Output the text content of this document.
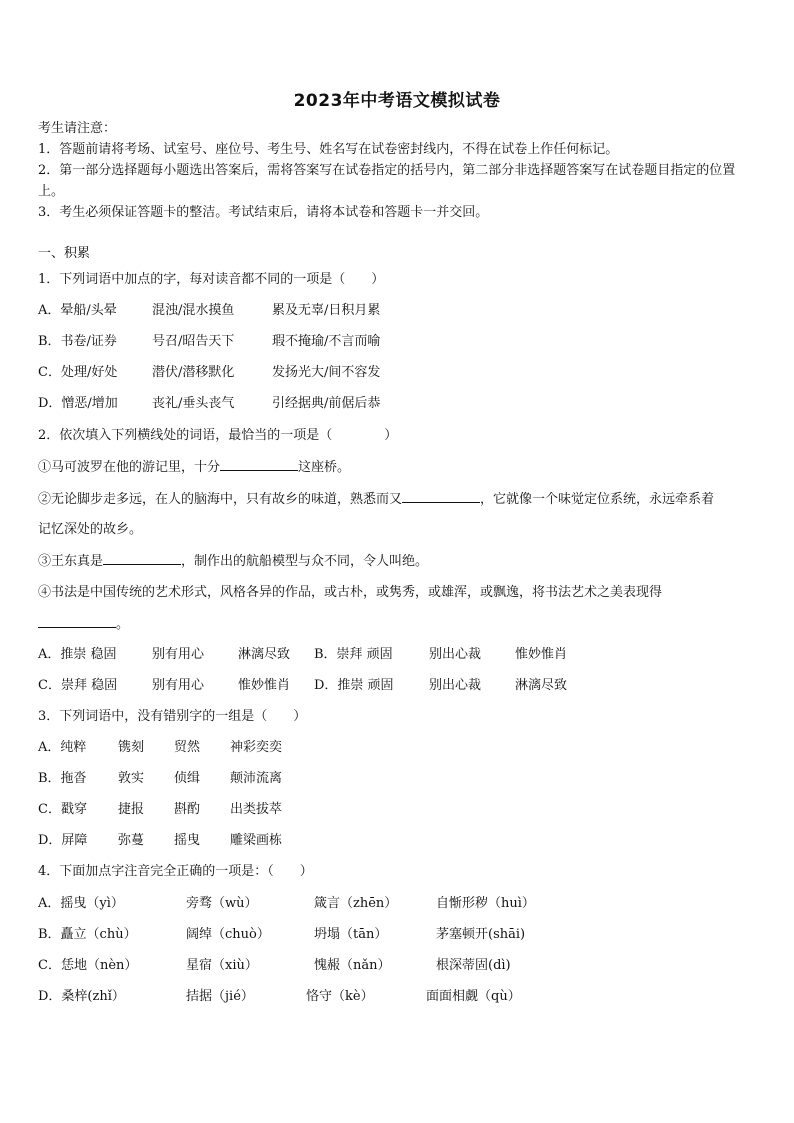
2023年中考语文模拟试卷
考生请注意：
1．答题前请将考场、试室号、座位号、考生号、姓名写在试卷密封线内，不得在试卷上作任何标记。
2．第一部分选择题每小题选出答案后，需将答案写在试卷指定的括号内，第二部分非选择题答案写在试卷题目指定的位置上。
3．考生必须保证答题卡的整洁。考试结束后，请将本试卷和答题卡一并交回。
一、积累
1．下列词语中加点的字，每对读音都不同的一项是（　　）
A．晕船/头晕	混浊/混水摸鱼	累及无辜/日积月累
B．书卷/证券	号召/昭告天下	瑕不掩瑜/不言而喻
C．处理/好处	潜伏/潜移默化	发扬光大/间不容发
D．憎恶/增加	丧礼/垂头丧气	引经据典/前倨后恭
2．依次填入下列横线处的词语，最恰当的一项是（　　　　）
①马可波罗在他的游记里，十分	这座桥。
②无论脚步走多远，在人的脑海中，只有故乡的味道，熟悉而又	，它就像一个味觉定位系统，永远牵系着
记忆深处的故乡。
③王东真是	，制作出的航船模型与众不同，令人叫绝。
④书法是中国传统的艺术形式，风格各异的作品，或古朴，或隽秀，或雄浑，或飘逸，将书法艺术之美表现得
。
A．推崇 稳固	别有用心	淋漓尽致 B．崇拜 顽固	别出心裁	惟妙惟肖
C．崇拜 稳固	别有用心	惟妙惟肖 D．推崇 顽固	别出心裁	淋漓尽致
3．下列词语中，没有错别字的一组是（　　）
A．纯粹 镌刻 贸然 神彩奕奕
B．拖沓 敦实 侦缉 颠沛流离
C．戳穿 捷报 斟酌 出类拔萃
D．屏障 弥蔓 摇曳 雕梁画栋
4．下面加点字注音完全正确的一项是：（　　）
A．摇曳（yì）	旁骛（wù）	箴言（zhēn）	自惭形秽（huì）
B．矗立（chù）	阔绰（chuò）	坍塌（tān）	茅塞顿开(shāi)
C．恁地（nèn）	星宿（xiù）	愧赧（nǎn）	根深蒂固(dì)
D．桑梓(zhǐ）	拮据（jié）	恪守（kè）	面面相觑（qù）
